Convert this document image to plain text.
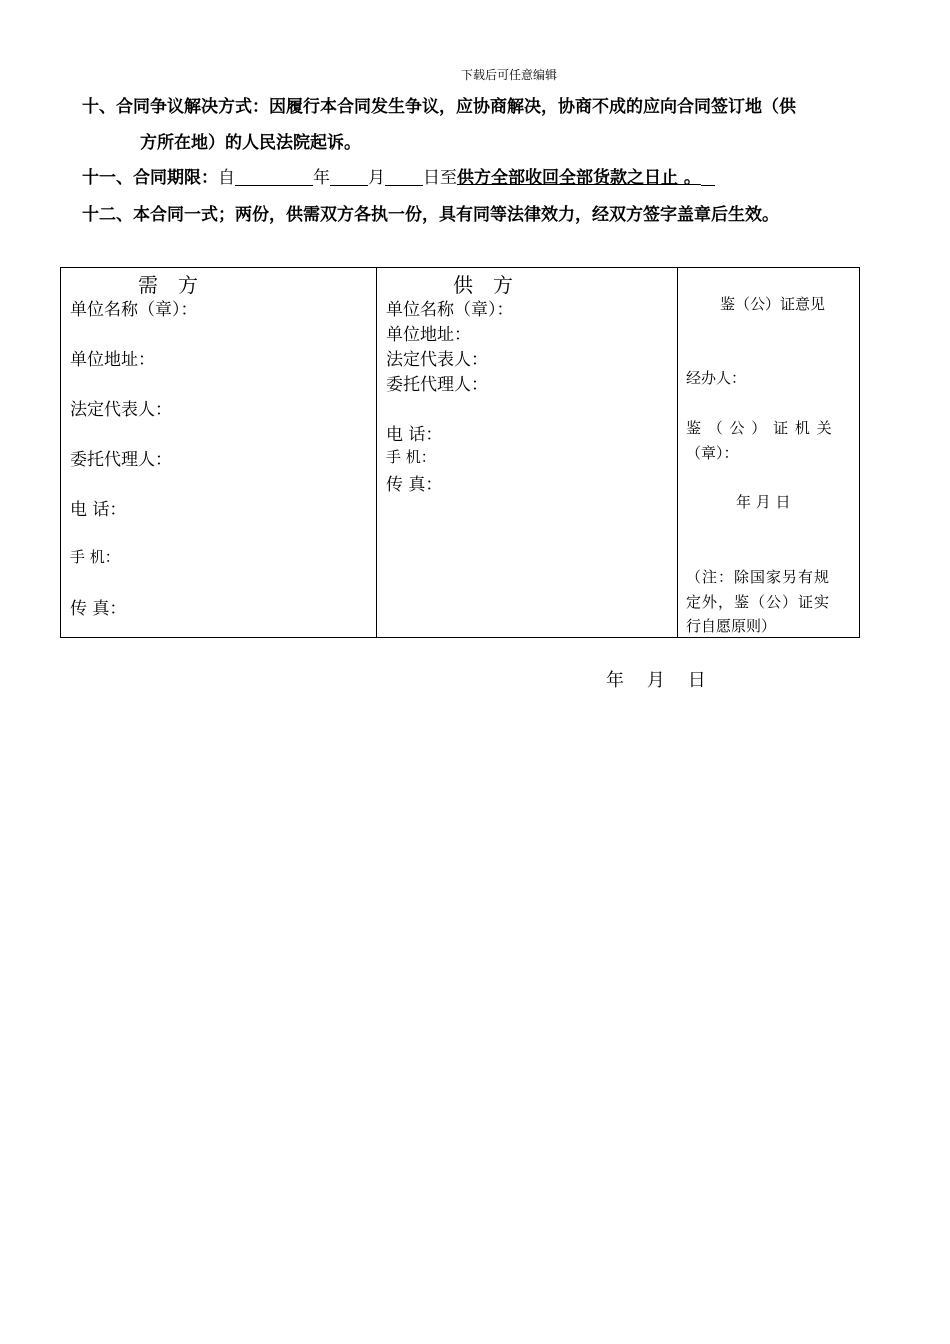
下载后可任意编辑
十、合同争议解决方式：因履行本合同发生争议，应协商解决，协商不成的应向合同签订地（供
方所在地）的人民法院起诉。
十一、合同期限：自	年 月 日至供方全部收回全部货款之日止 。
十二、本合同一式；两份，供需双方各执一份，具有同等法律效力，经双方签字盖章后生效。
需　方
单位名称（章）：
单位地址：
法定代表人：
委托代理人：
电 话：
手 机：
传 真：

供　方
单位名称（章）：
单位地址：
法定代表人：
委托代理人：
电 话：
手 机：
传 真：

鉴（公）证意见
经办人：
鉴 （ 公 ） 证 机 关
（章）：
年 月 日
（注：除国家另有规
定外，鉴（公）证实
行自愿原则）
年    月    日
